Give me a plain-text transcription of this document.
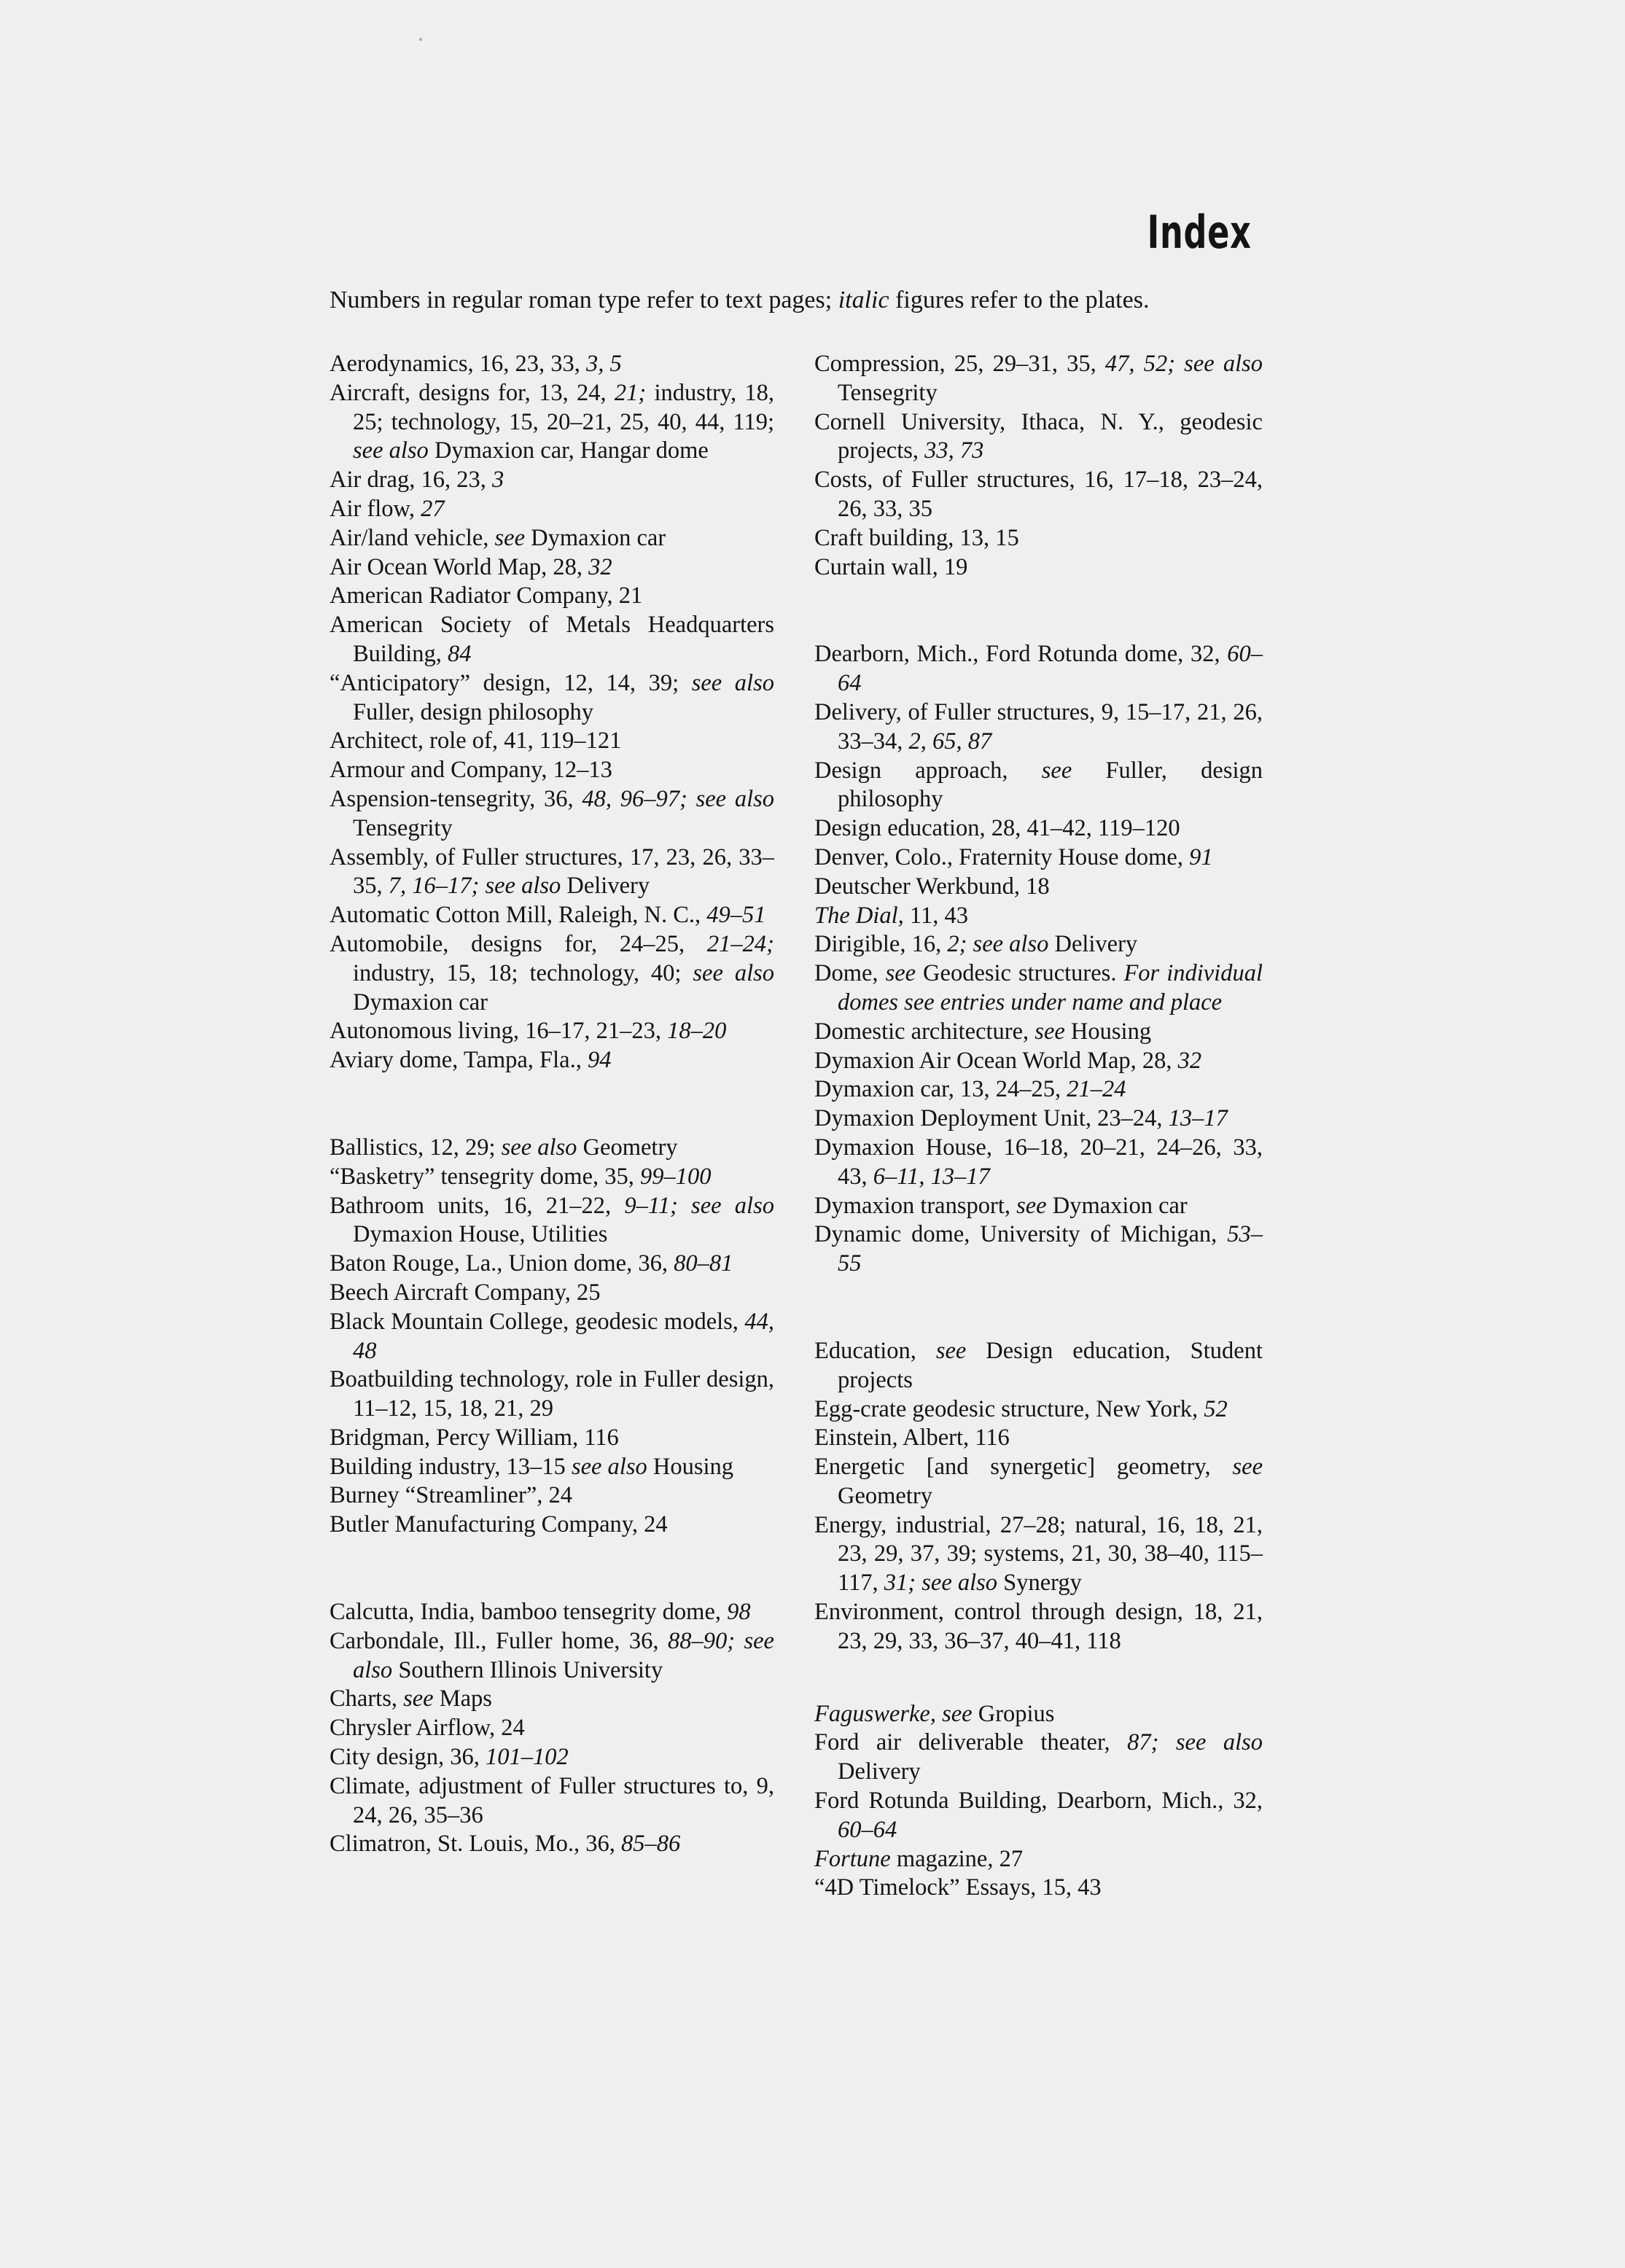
Index
Numbers in regular roman type refer to text pages; italic figures refer to the plates.
Aerodynamics, 16, 23, 33, 3, 5
Aircraft, designs for, 13, 24, 21; industry, 18, 25; technology, 15, 20–21, 25, 40, 44, 119; see also Dymaxion car, Hangar dome
Air drag, 16, 23, 3
Air flow, 27
Air/land vehicle, see Dymaxion car
Air Ocean World Map, 28, 32
American Radiator Company, 21
American Society of Metals Headquarters Building, 84
“Anticipatory” design, 12, 14, 39; see also Fuller, design philosophy
Architect, role of, 41, 119–121
Armour and Company, 12–13
Aspension-tensegrity, 36, 48, 96–97; see also Tensegrity
Assembly, of Fuller structures, 17, 23, 26, 33–35, 7, 16–17; see also Delivery
Automatic Cotton Mill, Raleigh, N. C., 49–51
Automobile, designs for, 24–25, 21–24; industry, 15, 18; technology, 40; see also Dymaxion car
Autonomous living, 16–17, 21–23, 18–20
Aviary dome, Tampa, Fla., 94
Ballistics, 12, 29; see also Geometry
“Basketry” tensegrity dome, 35, 99–100
Bathroom units, 16, 21–22, 9–11; see also Dymaxion House, Utilities
Baton Rouge, La., Union dome, 36, 80–81
Beech Aircraft Company, 25
Black Mountain College, geodesic models, 44, 48
Boatbuilding technology, role in Fuller design, 11–12, 15, 18, 21, 29
Bridgman, Percy William, 116
Building industry, 13–15 see also Housing
Burney “Streamliner”, 24
Butler Manufacturing Company, 24
Calcutta, India, bamboo tensegrity dome, 98
Carbondale, Ill., Fuller home, 36, 88–90; see also Southern Illinois University
Charts, see Maps
Chrysler Airflow, 24
City design, 36, 101–102
Climate, adjustment of Fuller structures to, 9, 24, 26, 35–36
Climatron, St. Louis, Mo., 36, 85–86
Compression, 25, 29–31, 35, 47, 52; see also Tensegrity
Cornell University, Ithaca, N. Y., geodesic projects, 33, 73
Costs, of Fuller structures, 16, 17–18, 23–24, 26, 33, 35
Craft building, 13, 15
Curtain wall, 19
Dearborn, Mich., Ford Rotunda dome, 32, 60–64
Delivery, of Fuller structures, 9, 15–17, 21, 26, 33–34, 2, 65, 87
Design approach, see Fuller, design philosophy
Design education, 28, 41–42, 119–120
Denver, Colo., Fraternity House dome, 91
Deutscher Werkbund, 18
The Dial, 11, 43
Dirigible, 16, 2; see also Delivery
Dome, see Geodesic structures. For individual domes see entries under name and place
Domestic architecture, see Housing
Dymaxion Air Ocean World Map, 28, 32
Dymaxion car, 13, 24–25, 21–24
Dymaxion Deployment Unit, 23–24, 13–17
Dymaxion House, 16–18, 20–21, 24–26, 33, 43, 6–11, 13–17
Dymaxion transport, see Dymaxion car
Dynamic dome, University of Michigan, 53–55
Education, see Design education, Student projects
Egg-crate geodesic structure, New York, 52
Einstein, Albert, 116
Energetic [and synergetic] geometry, see Geometry
Energy, industrial, 27–28; natural, 16, 18, 21, 23, 29, 37, 39; systems, 21, 30, 38–40, 115–117, 31; see also Synergy
Environment, control through design, 18, 21, 23, 29, 33, 36–37, 40–41, 118
Faguswerke, see Gropius
Ford air deliverable theater, 87; see also Delivery
Ford Rotunda Building, Dearborn, Mich., 32, 60–64
Fortune magazine, 27
“4D Timelock” Essays, 15, 43
